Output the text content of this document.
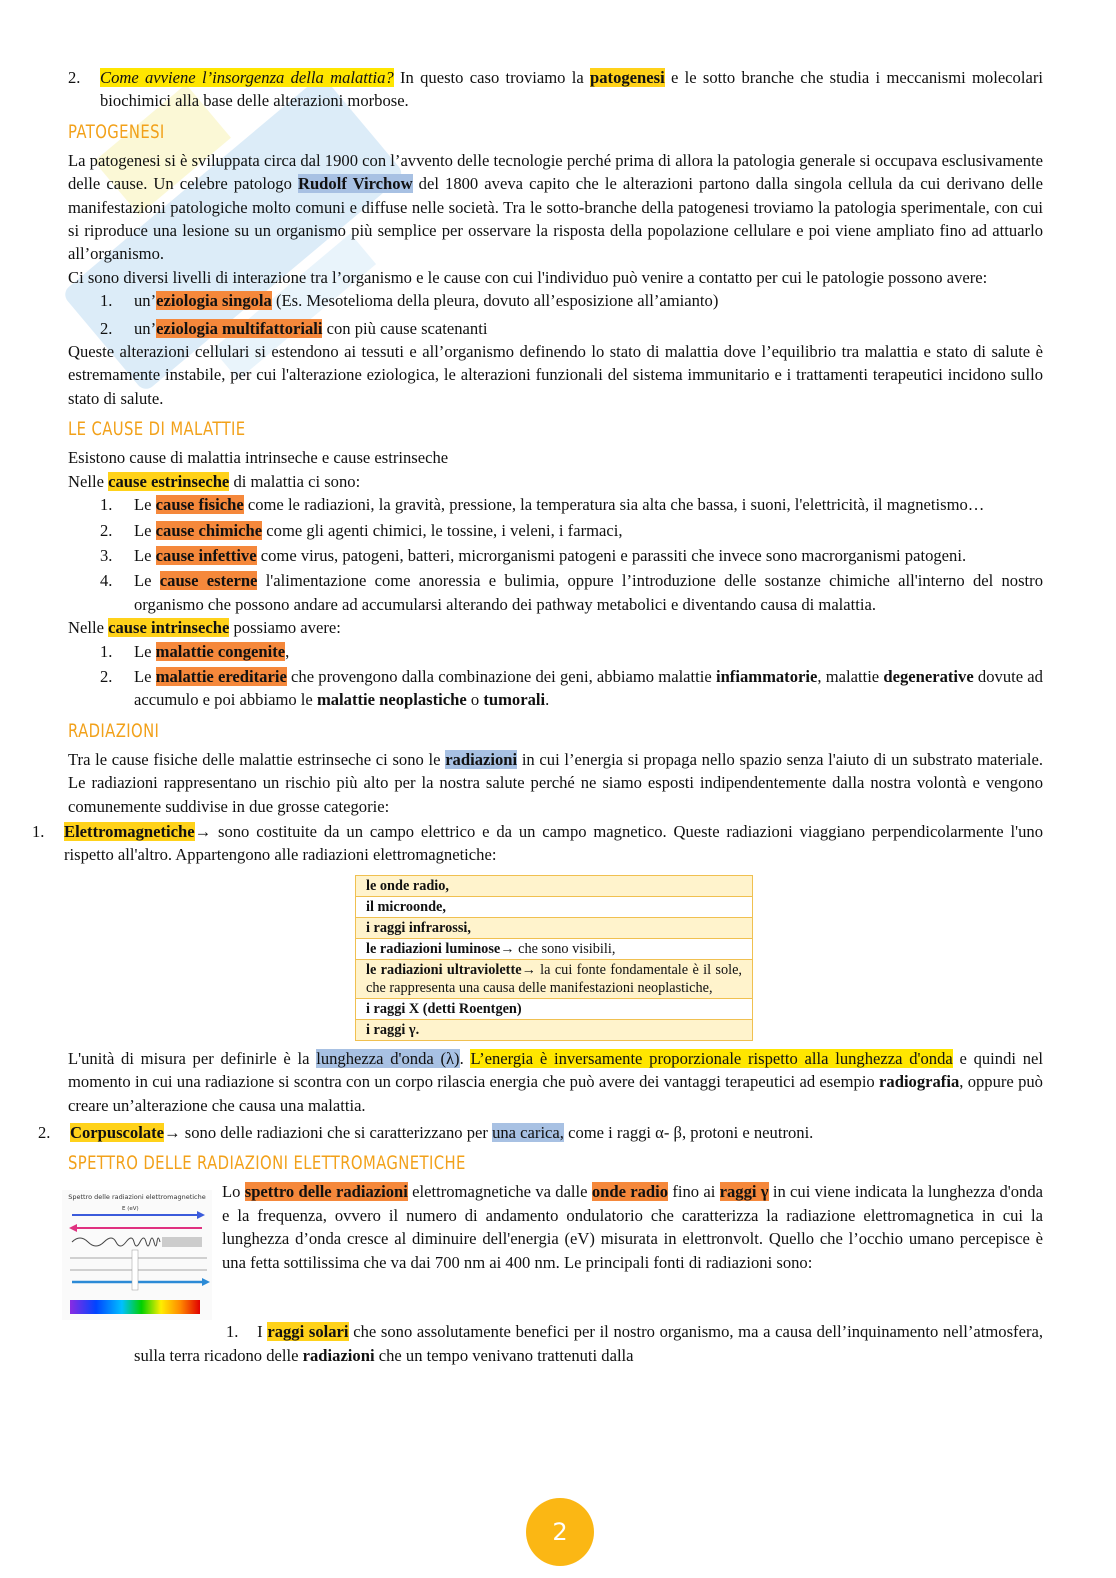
2. Come avviene l’insorgenza della malattia? In questo caso troviamo la patogenesi e le sotto branche che studia i meccanismi molecolari biochimici alla base delle alterazioni morbose.
PATOGENESI

La patogenesi si è sviluppata circa dal 1900 con l’avvento delle tecnologie perché prima di allora la patologia generale si occupava esclusivamente delle cause. Un celebre patologo Rudolf Virchow del 1800 aveva capito che le alterazioni partono dalla singola cellula da cui derivano delle manifestazioni patologiche molto comuni e diffuse nelle società. Tra le sotto-branche della patogenesi troviamo la patologia sperimentale, con cui si riproduce una lesione su un organismo più semplice per osservare la risposta della popolazione cellulare e poi viene ampliato fino ad attuarlo all’organismo.

Ci sono diversi livelli di interazione tra l’organismo e le cause con cui l'individuo può venire a contatto per cui le patologie possono avere:

1. un’eziologia singola (Es. Mesotelioma della pleura, dovuto all’esposizione all’amianto)
2. un’eziologia multifattoriali con più cause scatenanti

Queste alterazioni cellulari si estendono ai tessuti e all’organismo definendo lo stato di malattia dove l’equilibrio tra malattia e stato di salute è estremamente instabile, per cui l'alterazione eziologica, le alterazioni funzionali del sistema immunitario e i trattamenti terapeutici incidono sullo stato di salute.

LE CAUSE DI MALATTIE

Esistono cause di malattia intrinseche e cause estrinseche

Nelle cause estrinseche di malattia ci sono:

1. Le cause fisiche come le radiazioni, la gravità, pressione, la temperatura sia alta che bassa, i suoni, l'elettricità, il magnetismo…
2. Le cause chimiche come gli agenti chimici, le tossine, i veleni, i farmaci,
3. Le cause infettive come virus, patogeni, batteri, microrganismi patogeni e parassiti che invece sono macrorganismi patogeni.
4. Le cause esterne l'alimentazione come anoressia e bulimia, oppure l’introduzione delle sostanze chimiche all'interno del nostro organismo che possono andare ad accumularsi alterando dei pathway metabolici e diventando causa di malattia.

Nelle cause intrinseche possiamo avere:

1. Le malattie congenite,
2. Le malattie ereditarie che provengono dalla combinazione dei geni, abbiamo malattie infiammatorie, malattie degenerative dovute ad accumulo e poi abbiamo le malattie neoplastiche o tumorali.
RADIAZIONI

Tra le cause fisiche delle malattie estrinseche ci sono le radiazioni in cui l’energia si propaga nello spazio senza l'aiuto di un substrato materiale. Le radiazioni rappresentano un rischio più alto per la nostra salute perché ne siamo esposti indipendentemente dalla nostra volontà e vengono comunemente suddivise in due grosse categorie:

1. Elettromagnetiche→ sono costituite da un campo elettrico e da un campo magnetico. Queste radiazioni viaggiano perpendicolarmente l'uno rispetto all'altro. Appartengono alle radiazioni elettromagnetiche:
le onde radio,
il microonde,
i raggi infrarossi,
le radiazioni luminose→ che sono visibili,
le radiazioni ultraviolette→ la cui fonte fondamentale è il sole, che rappresenta una causa delle manifestazioni neoplastiche,
i raggi X (detti Roentgen)
i raggi γ.

L'unità di misura per definirle è la lunghezza d'onda (λ). L’energia è inversamente proporzionale rispetto alla lunghezza d'onda e quindi nel momento in cui una radiazione si scontra con un corpo rilascia energia che può avere dei vantaggi terapeutici ad esempio radiografia, oppure può creare un’alterazione che causa una malattia.

2. Corpuscolate→ sono delle radiazioni che si caratterizzano per una carica, come i raggi α- β, protoni e neutroni.
SPETTRO DELLE RADIAZIONI ELETTROMAGNETICHE
Spettro delle radiazioni elettromagnetiche
E (eV)

Lo spettro delle radiazioni elettromagnetiche va dalle onde radio fino ai raggi γ in cui viene indicata la lunghezza d'onda e la frequenza, ovvero il numero di andamento ondulatorio che caratterizza la radiazione elettromagnetica in cui la lunghezza d’onda cresce al diminuire dell'energia (eV) misurata in elettronvolt. Quello che l’occhio umano percepisce è una fetta sottilissima che va dai 700 nm ai 400 nm. Le principali fonti di radiazioni sono:

1. I raggi solari che sono assolutamente benefici per il nostro organismo, ma a causa dell’inquinamento nell’atmosfera, sulla terra ricadono delle radiazioni che un tempo venivano trattenuti dalla

2
